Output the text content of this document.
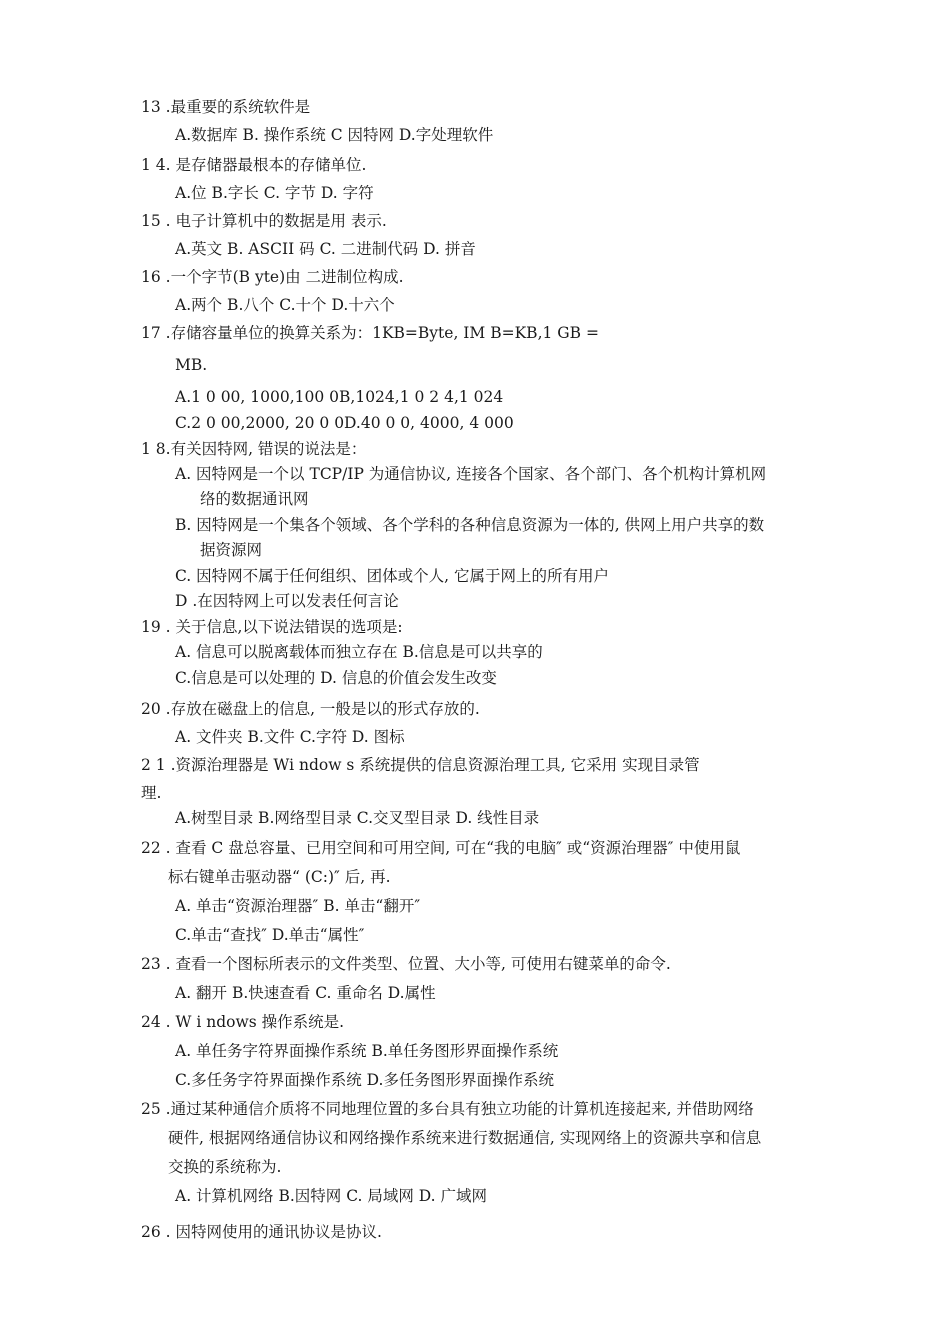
13 .最重要的系统软件是
A.数据库 B. 操作系统 C 因特网 D.字处理软件
1 4. 是存储器最根本的存储单位.
A.位 B.字长 C. 字节 D. 字符
15 . 电子计算机中的数据是用 表示.
A.英文 B. ASCII 码 C. 二进制代码 D. 拼音
16 .一个字节(B yte)由 二进制位构成.
A.两个 B.八个 C.十个 D.十六个
17 .存储容量单位的换算关系为：1KB=Byte, IM B=KB,1 GB =
MB.
A.1 0 00, 1000,100 0B,1024,1 0 2 4,1 024
C.2 0 00,2000, 20 0 0D.40 0 0, 4000, 4 000
1 8.有关因特网, 错误的说法是：
A. 因特网是一个以 TCP/IP 为通信协议, 连接各个国家、各个部门、各个机构计算机网
络的数据通讯网
B. 因特网是一个集各个领域、各个学科的各种信息资源为一体的, 供网上用户共享的数
据资源网
C. 因特网不属于任何组织、团体或个人, 它属于网上的所有用户
D .在因特网上可以发表任何言论
19 . 关于信息,以下说法错误的选项是:
A. 信息可以脱离载体而独立存在 B.信息是可以共享的
C.信息是可以处理的 D. 信息的价值会发生改变
20 .存放在磁盘上的信息, 一般是以的形式存放的.
A. 文件夹 B.文件 C.字符 D. 图标
2 1 .资源治理器是 Wi ndow s 系统提供的信息资源治理工具, 它采用 实现目录管
理.
A.树型目录 B.网络型目录 C.交叉型目录 D. 线性目录
22 . 查看 C 盘总容量、已用空间和可用空间, 可在“我的电脑″ 或“资源治理器″ 中使用鼠
标右键单击驱动器“ (C:)″ 后, 再.
A. 单击“资源治理器″ B. 单击“翻开″
C.单击“查找″ D.单击“属性″
23 . 查看一个图标所表示的文件类型、位置、大小等, 可使用右键菜单的命令.
A. 翻开 B.快速查看 C. 重命名 D.属性
24 . W i ndows 操作系统是.
A. 单任务字符界面操作系统 B.单任务图形界面操作系统
C.多任务字符界面操作系统 D.多任务图形界面操作系统
25 .通过某种通信介质将不同地理位置的多台具有独立功能的计算机连接起来, 并借助网络
硬件, 根据网络通信协议和网络操作系统来进行数据通信, 实现网络上的资源共享和信息
交换的系统称为.
A. 计算机网络 B.因特网 C. 局域网 D. 广域网
26 . 因特网使用的通讯协议是协议.
